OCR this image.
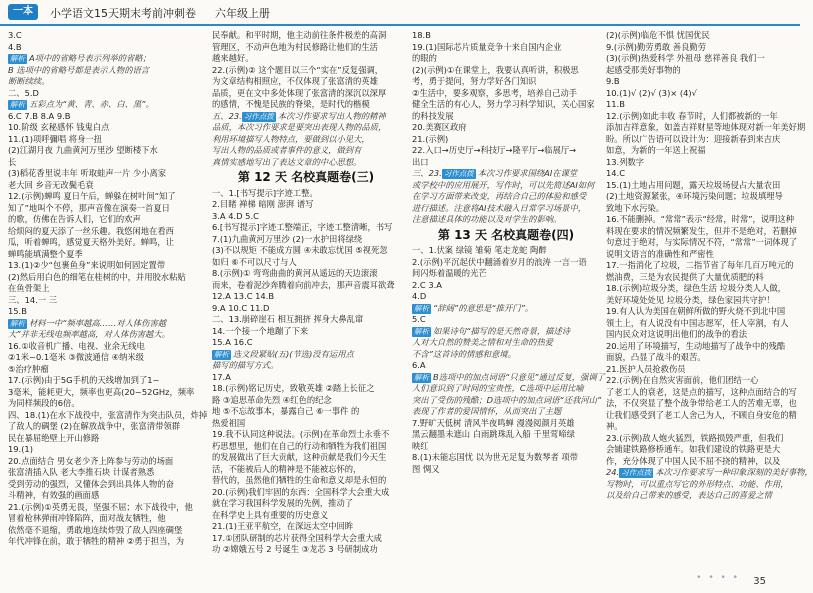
一本	小学语文15天期末考前冲刺卷 六年级上册
3.C
4.B
解析 A项中的省略号表示列举的省略；
B 选项中的省略号都是表示人物的语言
断断续续。
二、5.D
解析 五彩点为“黄、青、赤、白、黑”。
6.C 7.B 8.A 9.B
10.阶级 玄秘感怀 钱鬼白点
11.(1)项呼彌唱 将身一扭
(2)江湖月夜 九曲黄河万里沙 望断楼下水
长
(3)稻花香里说丰年 听取蛙声一片 少小离家
老大回 乡音无改鬓毛衰
12.(示例)蝉鸣 夏日午后，蝉躲在树叶间“知了
知了”地叫个不停，那声音像在演奏一首夏日
的歌，仿佛在告诉人们，它们的欢声
给烦闷的夏天添了一丝乐趣。我悠闲地在看西
瓜，听着蝉鸣，感觉夏天格外美好。蝉鸣，让
蝉鸣能填满整个夏季
13.(1)②少“包裹鱼身”来说明如何固定置带
(2)然后用白色的细笔在桂树的中，并用胶水粘贴
在鱼骨架上
三、14.一 三
15.B
解析 材料一中“频率越高……对人体伤害越
大”并非无线电频率越高，对人体伤害越大。
16.①收音机广播、电视、业余无线电
②1米~0.1毫米 ③微波通信 ④纳米级
⑤治疗肿瘤
17.(示例)由于5G手机的天线增加到了1~
3毫米，能耗更大，频率也更高(20~52GHz，频率
为同样频段的6倍。
四、18.(1)在水下战役中，张富清作为突击队员，炸掉
了敌人的碉堡 (2)在解放战争中，张富清带领群
民在暴屈绝壁上开山修路
19.(1)
20.点面结合 男女老少齐上阵参与劳动的场面
张富清插入队 老大李推石块 计谋者熟悉
受到劳动的强烈，又懂体会到出具体人物的奋
斗精神，有效强的画面感
21.(示例)①英勇无畏，坚强不屈；水下战役中，他
冒着枪林弹雨冲锋陷阵，面对战友牺牲，他
依然毫不退缩，勇敢地连续炸毁了敌人四座碉堡
年代冲锋在前，敢于牺牲的精神 ②勇于担当，为
民奉献。和平时期，他主动前往条件极差的高洞
管理区，不动声色地为村民修路让他们的生活
越来越好。
22.(示例)② 这个题目以三个“实在”反复强调，
为文章结构相照应，不仅体现了张富清的英雄
品质，更在文中多处体现了张富清的深沉以深厚
的感情，不愧是民族的脊梁，是时代的楷模
五、23. 习作点拨 本次习作要求写出人物的精神
品质，本次习作要求是要突出表现人物的品质，
利用环境描写人物特点，要做到以小见大，
写出人物的品质或者事件的意义，做到有
真情实感地写出了表达文章的中心思想。
第 12 天 名校真题卷(三)
一、1.[书写提示]字迹工整。
2.目睹 禅梯 暗刚 澎湃 谱写
3.A 4.D 5.C
6.[书写提示]字迹工整端正，字迹工整清晰，书写
7.(1)九曲黄河万里沙 (2)一水护田将绿绕
(3)不以规矩 不能成方圆 ④未敢忘忧国 ⑤视死忽
如归 ⑥不可以尺寸与人
8.(示例)① 弯弯曲曲的黄河从遥远的天边滚滚
而来，卷着泥沙奔腾着向前冲去，那声音震耳欲聋
12.A 13.C 14.B
9.A 10.C 11.D
二、13.崩碎崖石 相互拥挤 挥身大鼻乱窜
14.一个接一个地蹦了下来
15.A 16.C
解析 选文段紧贴(五)(节选)没有运用点
描写的描写方式。
17.A
18.(示例)铭记历史，致敬英雄 ②踏上长征之
路 ③追思革命先烈 ④红色的纪念
地 ⑤不忘故事本，暴露自己 ⑥一事件 的
热爱祖国
19.我不认同这种说法。(示例)在革命烈士永垂不
朽思想里，他们在自己的行动和牺牲为我们祖国
的发展做出了巨大贡献，这种贡献是我们今天生
活，不能被后人的精神是不能被忘怀的，
替代的，虽然他们牺牲的生命和意义却是永恒的
20.(示例)我们牢固的东西：全国科学大会重大成
就在学习我国科学发展的先例，推动了
在科学史上具有重要的历史意义
21.(1)王亚平航空，在深远太空中回眸
17.①团队研制的芯片获得全国科学大会重大成
功 ②嫦娥五号 2 号诞生 ③龙芯 3 号研制成功
18.B
19.(1)国际芯片质量竞争十来自国内企业
的眼的
(2)(示例)①在课堂上，我要认真听讲，积极思
考，勇于提问，努力学好各门知识
②生活中，要多观察，多思考，培养自己动手
健全生活的有心人，努力学习科学知识，关心国家
的科技发展
20.美赛区政府
21.(示例)
22.入口→历史厅→科技厅→隆平厅→临展厅→
出口
三、23. 习作点拨 本次习作要求围绕AI在课堂
或学校中的应用展开，写作时，可以先简述AI如何
在学习方面带来改变，再结合自己的体验和感受
进行描述。注意将AI技术融入日常学习场景中，
注意描述具体的功能以及对学生的影响。
第 13 天 名校真题卷(四)
一、1.伏案 绿镜 雏菊 笔走龙蛇 陶醉
2.(示例)平沉起伏中翻涌着岁月的浪涛 一言一语
间闪烁着温暖的光芒
2.C 3.A
4.D
解析 “辞阔”的意思是“推开门”。
5.C
解析 如果诗句“描写的是天然奇景，描述诗
人对大自然的赞美之情和对生命的热爱
不含”这首诗的情感和意境。
6.A
解析 B选项中的加点词语“只意见”通过反复，强调了
人们意识到了时间的宝贵性，C选项中运用比喻
突出了受伤的残酷；D选项中的加点词语“还我河山”
表现了作者的爱国情怀，从而突出了主题
7.野旷天低树 清风半夜鸣蝉 漫漫阅颜月英雄
黑云翻墨未遮山 白雨跳珠乱入船 千里莺啼绿
映红
8.(1)未能忘国忧 以为世无足复为数琴者 项带
图 惆又
(2)(示例)临危不惧 忧国优民
9.(示例)勤劳勇敢 善良勤劳
(3)(示例)热爱科学 外祖母 慈祥善良 我们一
起感受那美好事物的
9.B
10.(1)√ (2)√ (3)× (4)√
11.B
12.(示例)如此丰收 春节时，人们都被新的一年
添加吉祥意象，如盖吉祥财星等地体现对新一年美好期
盼。所以广告语可以设计为：迎接新春到来吉庆
如意，为新的一年送上祝福
13.列数字
14.C
15.(1)土地占用问题，露天垃圾场侵占大量农田
(2)土地资源紧张，④环境污染问题；垃圾填埋导
致地下水污染。
16.不能删掉。“常常”表示“经常，时常”，说明这种
料现在要求的情况频繁发生，但并不是绝对，若删掉
句意过于绝对，与实际情况不符，“常常”一词体现了
说明文语言的准确性和严密性
17.一指消化了垃圾，二指节省了每年几百万吨元的
燃油费，三是为农民提供了大量优质肥的料
18.(示例)垃圾分类，绿色生活 垃圾分类人人做，
美好环境处处见 垃圾分类，绿色家园共守护！
19.有人认为美国在朝鲜所做的野火烧不到北中国
領土上，有人说没有中国志愿军，任人宰割，有人
国内民众对这说明出他们的战争的看法
20.运用了环境描写，生动地描写了战争中的残酷
面貌，凸显了战斗的艰苦。
21.医护人员抢救伤员
22.(示例)在自然灾害面前，他们团结一心
了老工人的衰老，这是点的描写，这种点面结合的写
法，不仅突显了整个战争带给老工人的苦难无辜，也
让我们感受到了老工人舍己为人，不顾自身安危的精
神。
23.(示例)敌人炮火猛烈，铁路损毁严重，但我们
会铺建铁路修桥通车。如我们建设的铁路更是大
作，充分体现了中国人民不屈不挠的精神，以及
24. 习作点拨 本次习作要求写一种印象深刻的美好事物，
写物时，可以重点写它的外形特点、功能、作用，
以及给自己带来的感受，表达自己的喜爱之情
• • • • 35
